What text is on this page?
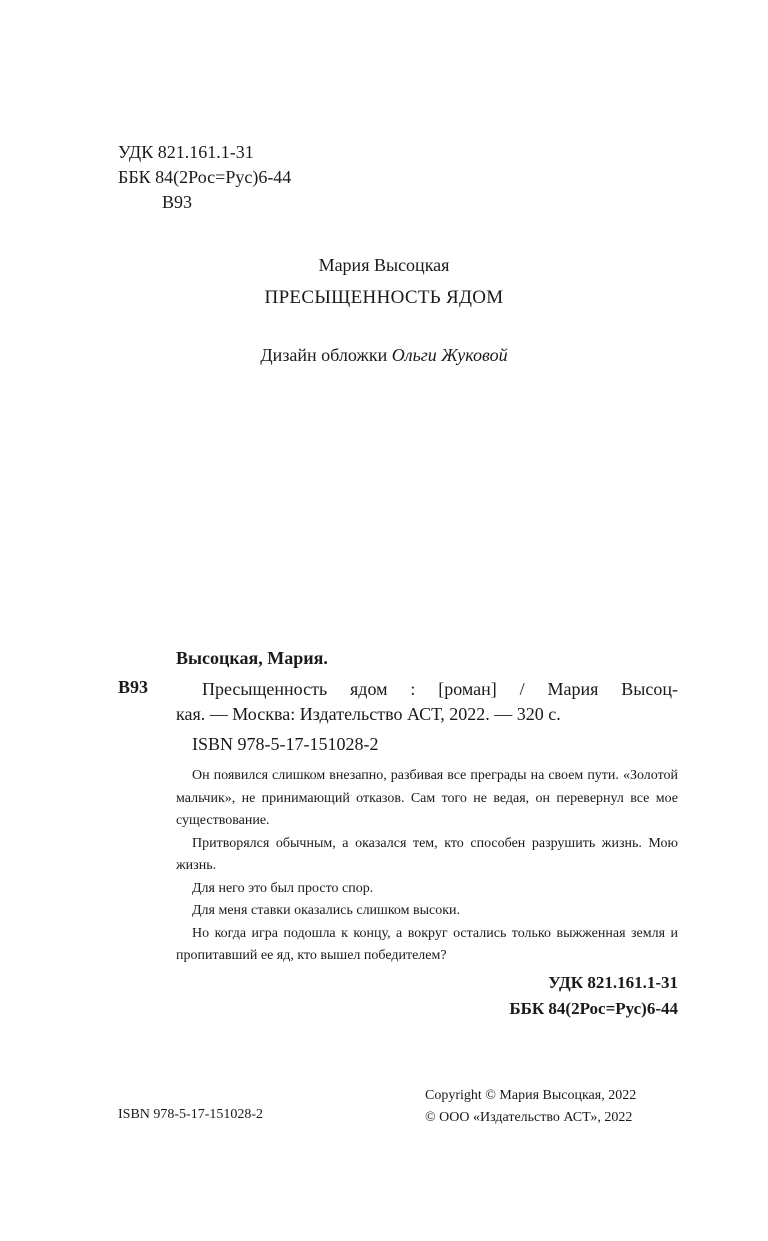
УДК 821.161.1-31
ББК 84(2Рос=Рус)6-44
В93
Мария Высоцкая
ПРЕСЫЩЕННОСТЬ ЯДОМ
Дизайн обложки Ольги Жуковой
Высоцкая, Мария.
В93	Пресыщенность ядом : [роман] / Мария Высоц-
кая. — Москва: Издательство АСТ, 2022. — 320 с.
ISBN 978-5-17-151028-2

Он появился слишком внезапно, разбивая все преграды на своем пути. «Золотой мальчик», не принимающий отказов. Сам того не ведая, он перевернул все мое существование.

Притворялся обычным, а оказался тем, кто способен разрушить жизнь. Мою жизнь.

Для него это был просто спор.

Для меня ставки оказались слишком высоки.

Но когда игра подошла к концу, а вокруг остались только выжженная земля и пропитавший ее яд, кто вышел победителем?

УДК 821.161.1-31
ББК 84(2Рос=Рус)6-44
ISBN 978-5-17-151028-2
Copyright © Мария Высоцкая, 2022
© ООО «Издательство АСТ», 2022
